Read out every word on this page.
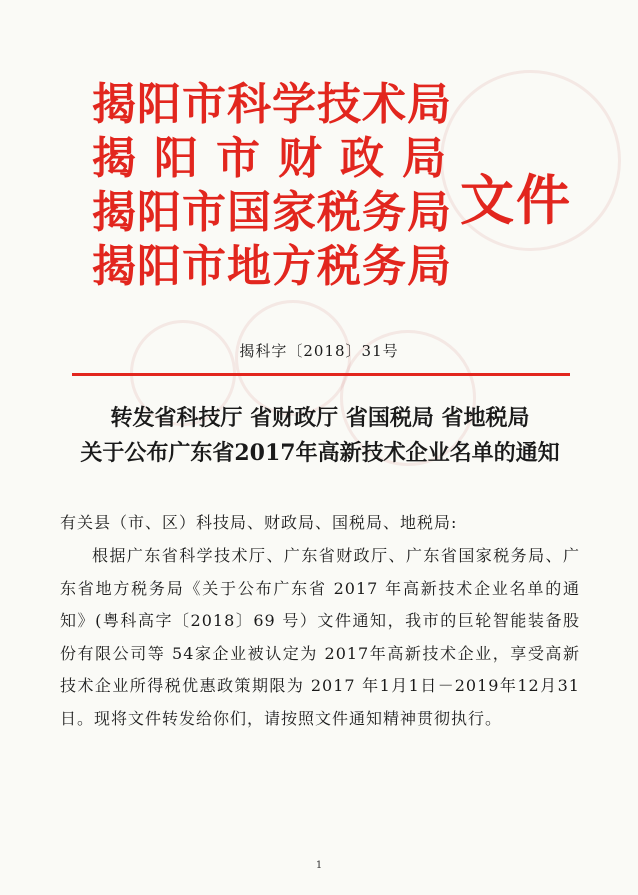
揭阳市科学技术局
揭阳市财政局
揭阳市国家税务局
揭阳市地方税务局
文件
揭科字〔2018〕31号
转发省科技厅 省财政厅 省国税局 省地税局
关于公布广东省2017年高新技术企业名单的通知
有关县（市、区）科技局、财政局、国税局、地税局:
根据广东省科学技术厅、广东省财政厅、广东省国家税务局、广东省地方税务局《关于公布广东省 2017 年高新技术企业名单的通知》(粤科高字〔2018〕69 号）文件通知，我市的巨轮智能装备股份有限公司等 54家企业被认定为 2017年高新技术企业，享受高新技术企业所得税优惠政策期限为 2017 年1月1日－2019年12月31日。现将文件转发给你们，请按照文件通知精神贯彻执行。
1
